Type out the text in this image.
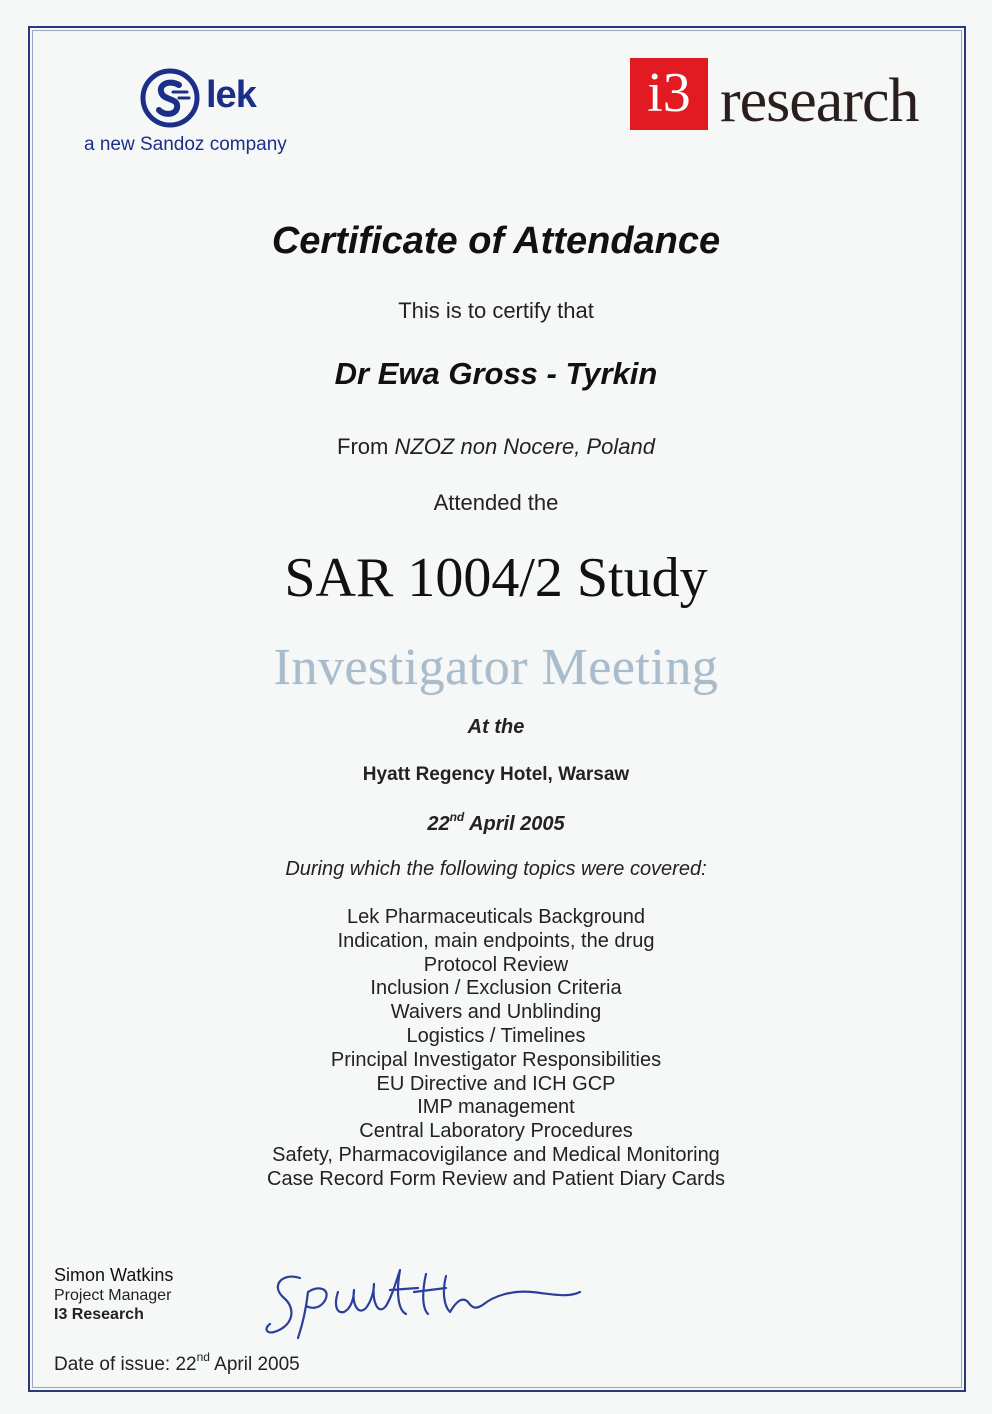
lek
a new Sandoz company
i3 research
Certificate of Attendance
This is to certify that
Dr Ewa Gross - Tyrkin
From NZOZ non Nocere, Poland
Attended the
SAR 1004/2 Study
Investigator Meeting
At the
Hyatt Regency Hotel, Warsaw
22nd April 2005
During which the following topics were covered:
Lek Pharmaceuticals Background
Indication, main endpoints, the drug
Protocol Review
Inclusion / Exclusion Criteria
Waivers and Unblinding
Logistics / Timelines
Principal Investigator Responsibilities
EU Directive and ICH GCP
IMP management
Central Laboratory Procedures
Safety, Pharmacovigilance and Medical Monitoring
Case Record Form Review and Patient Diary Cards
Simon Watkins
Project Manager
I3 Research
Date of issue: 22nd April 2005
